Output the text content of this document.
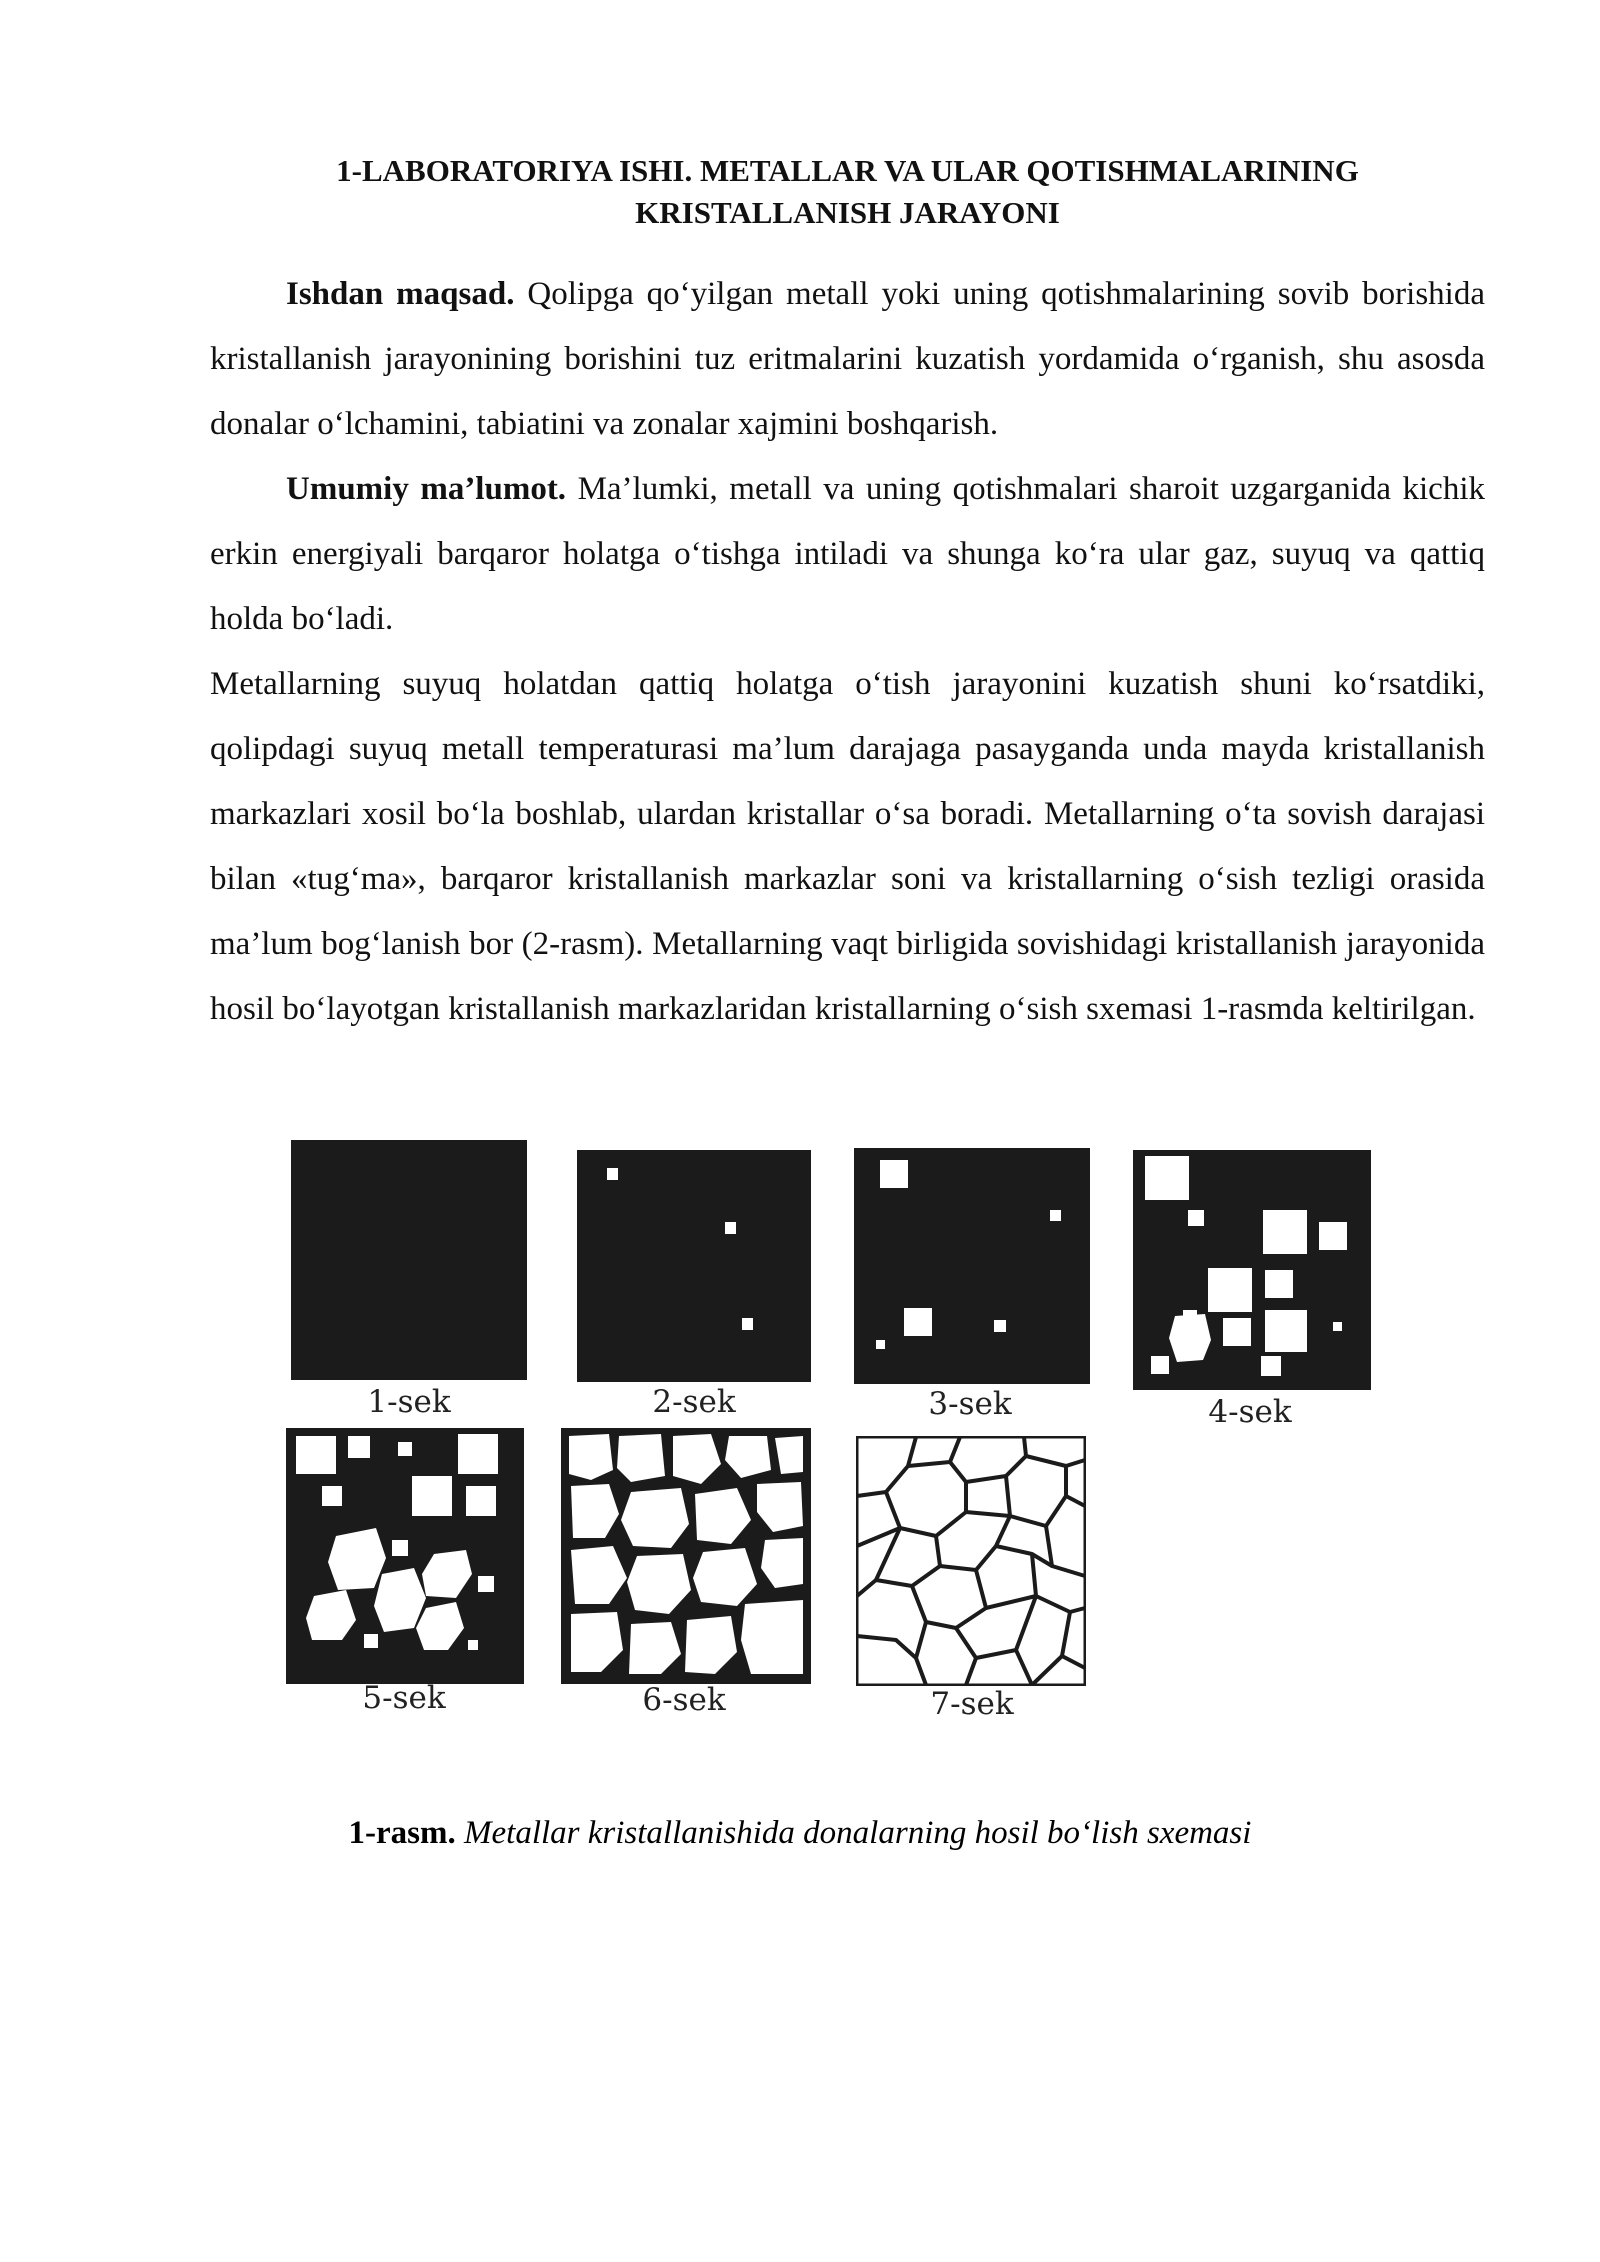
1-LABORATORIYA ISHI. METALLAR VA ULAR QOTISHMALARINING
KRISTALLANISH JARAYONI

Ishdan maqsad. Qolipga qo‘yilgan metall yoki uning qotishmalarining sovib borishida kristallanish jarayonining borishini tuz eritmalarini kuzatish yordamida o‘rganish, shu asosda donalar o‘lchamini, tabiatini va zonalar xajmini boshqarish.

Umumiy ma’lumot. Ma’lumki, metall va uning qotishmalari sharoit uzgarganida kichik erkin energiyali barqaror holatga o‘tishga intiladi va shunga ko‘ra ular gaz, suyuq va qattiq holda bo‘ladi.

Metallarning suyuq holatdan qattiq holatga o‘tish jarayonini kuzatish shuni ko‘rsatdiki, qolipdagi suyuq metall temperaturasi ma’lum darajaga pasayganda unda mayda kristallanish markazlari xosil bo‘la boshlab, ulardan kristallar o‘sa boradi. Metallarning o‘ta sovish darajasi bilan «tug‘ma», barqaror kristallanish markazlar soni va kristallarning o‘sish tezligi orasida ma’lum bog‘lanish bor (2-rasm). Metallarning vaqt birligida sovishidagi kristallanish jarayonida hosil bo‘layotgan kristallanish markazlaridan kristallarning o‘sish sxemasi 1-rasmda keltirilgan.

1-sek	2-sek	3-sek	4-sek
5-sek	6-sek	7-sek
1-rasm. Metallar kristallanishida donalarning hosil bo‘lish sxemasi
